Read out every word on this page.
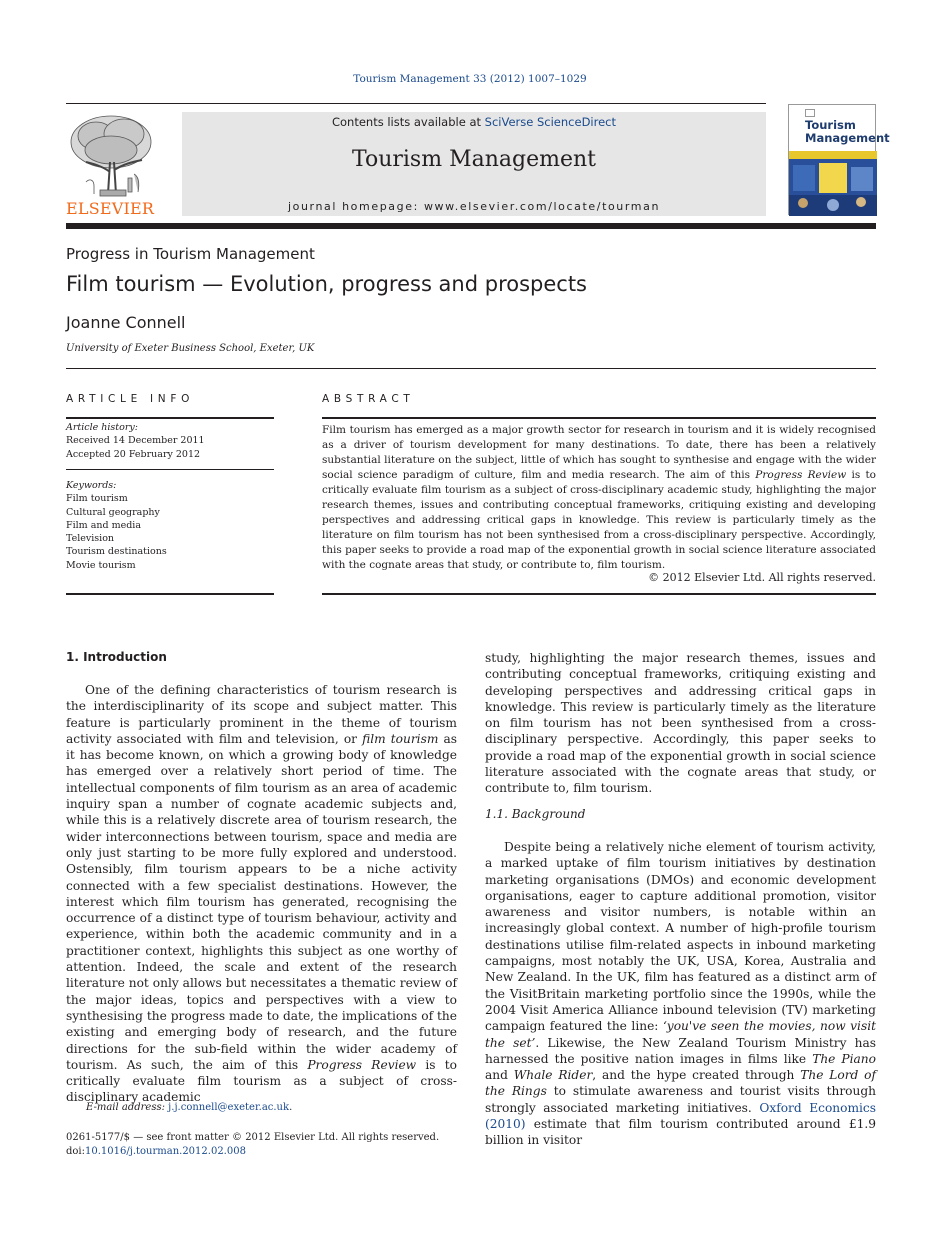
Tourism Management 33 (2012) 1007–1029
ELSEVIER
Contents lists available at SciVerse ScienceDirect
Tourism Management
journal homepage: www.elsevier.com/locate/tourman
Tourism
Management
Progress in Tourism Management
Film tourism — Evolution, progress and prospects
Joanne Connell
University of Exeter Business School, Exeter, UK
ARTICLE INFO	ABSTRACT
Article history:
Received 14 December 2011
Accepted 20 February 2012
Keywords:
Film tourism
Cultural geography
Film and media
Television
Tourism destinations
Movie tourism
Film tourism has emerged as a major growth sector for research in tourism and it is widely recognised as a driver of tourism development for many destinations. To date, there has been a relatively substantial literature on the subject, little of which has sought to synthesise and engage with the wider social science paradigm of culture, film and media research. The aim of this Progress Review is to critically evaluate film tourism as a subject of cross-disciplinary academic study, highlighting the major research themes, issues and contributing conceptual frameworks, critiquing existing and developing perspectives and addressing critical gaps in knowledge. This review is particularly timely as the literature on film tourism has not been synthesised from a cross-disciplinary perspective. Accordingly, this paper seeks to provide a road map of the exponential growth in social science literature associated with the cognate areas that study, or contribute to, film tourism.
© 2012 Elsevier Ltd. All rights reserved.
1. Introduction
One of the defining characteristics of tourism research is the interdisciplinarity of its scope and subject matter. This feature is particularly prominent in the theme of tourism activity associated with film and television, or film tourism as it has become known, on which a growing body of knowledge has emerged over a relatively short period of time. The intellectual components of film tourism as an area of academic inquiry span a number of cognate academic subjects and, while this is a relatively discrete area of tourism research, the wider interconnections between tourism, space and media are only just starting to be more fully explored and understood. Ostensibly, film tourism appears to be a niche activity connected with a few specialist destinations. However, the interest which film tourism has generated, recognising the occurrence of a distinct type of tourism behaviour, activity and experience, within both the academic community and in a practitioner context, highlights this subject as one worthy of attention. Indeed, the scale and extent of the research literature not only allows but necessitates a thematic review of the major ideas, topics and perspectives with a view to synthesising the progress made to date, the implications of the existing and emerging body of research, and the future directions for the sub-field within the wider academy of tourism. As such, the aim of this Progress Review is to critically evaluate film tourism as a subject of cross-disciplinary academic
study, highlighting the major research themes, issues and contributing conceptual frameworks, critiquing existing and developing perspectives and addressing critical gaps in knowledge. This review is particularly timely as the literature on film tourism has not been synthesised from a cross-disciplinary perspective. Accordingly, this paper seeks to provide a road map of the exponential growth in social science literature associated with the cognate areas that study, or contribute to, film tourism.
1.1. Background
Despite being a relatively niche element of tourism activity, a marked uptake of film tourism initiatives by destination marketing organisations (DMOs) and economic development organisations, eager to capture additional promotion, visitor awareness and visitor numbers, is notable within an increasingly global context. A number of high-profile tourism destinations utilise film-related aspects in inbound marketing campaigns, most notably the UK, USA, Korea, Australia and New Zealand. In the UK, film has featured as a distinct arm of the VisitBritain marketing portfolio since the 1990s, while the 2004 Visit America Alliance inbound television (TV) marketing campaign featured the line: ‘you've seen the movies, now visit the set’. Likewise, the New Zealand Tourism Ministry has harnessed the positive nation images in films like The Piano and Whale Rider, and the hype created through The Lord of the Rings to stimulate awareness and tourist visits through strongly associated marketing initiatives. Oxford Economics (2010) estimate that film tourism contributed around £1.9 billion in visitor
E-mail address: j.j.connell@exeter.ac.uk.
0261-5177/$ — see front matter © 2012 Elsevier Ltd. All rights reserved.
doi:10.1016/j.tourman.2012.02.008
